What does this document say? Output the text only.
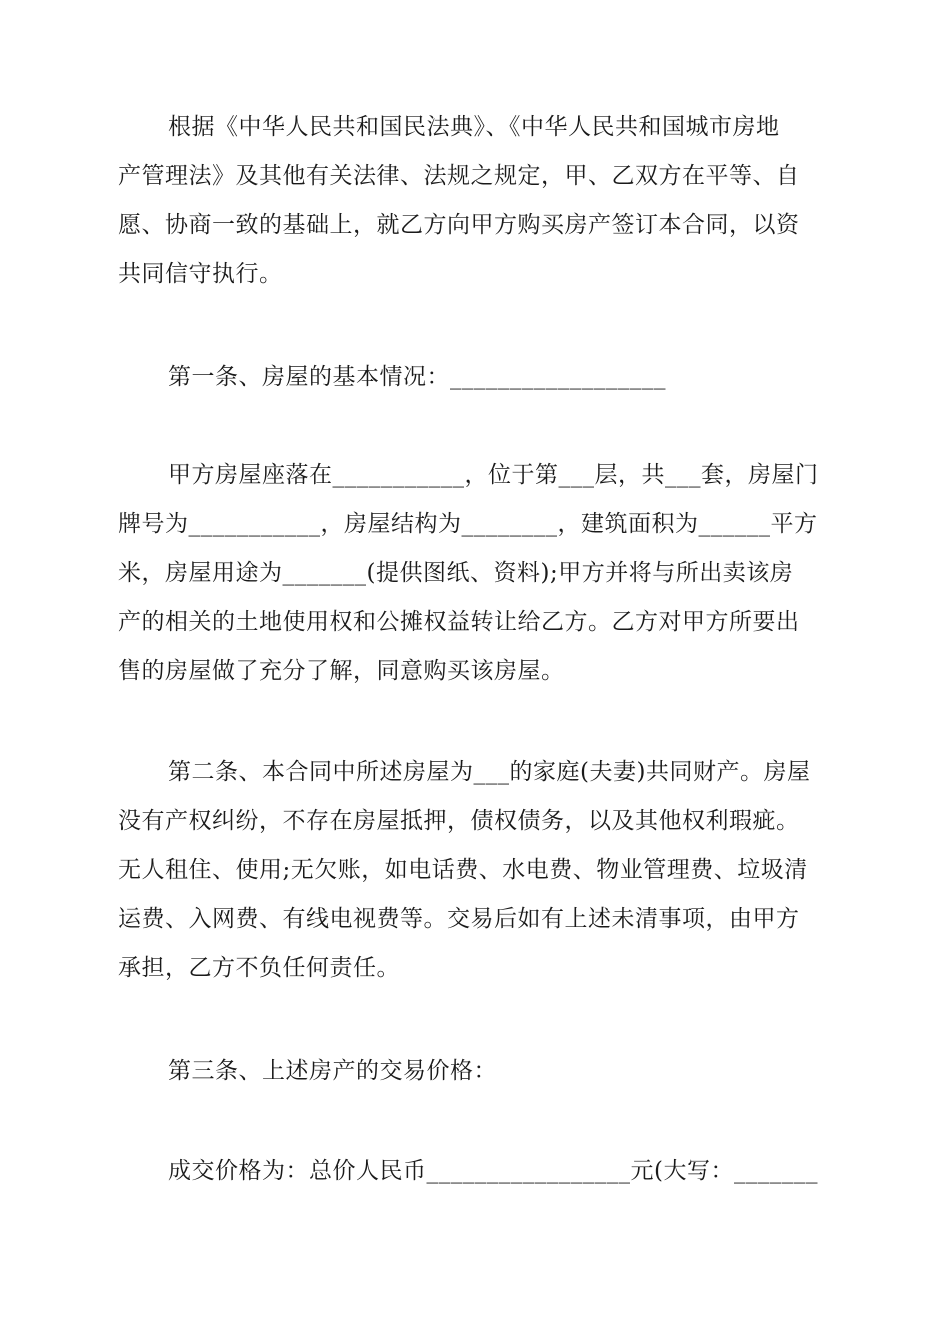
根据《中华人民共和国民法典》、《中华人民共和国城市房地
产管理法》及其他有关法律、法规之规定，甲、乙双方在平等、自
愿、协商一致的基础上，就乙方向甲方购买房产签订本合同，以资
共同信守执行。
第一条、房屋的基本情况：__________________
甲方房屋座落在___________，位于第___层，共___套，房屋门
牌号为___________，房屋结构为________，建筑面积为______平方
米，房屋用途为_______(提供图纸、资料);甲方并将与所出卖该房
产的相关的土地使用权和公摊权益转让给乙方。乙方对甲方所要出
售的房屋做了充分了解，同意购买该房屋。
第二条、本合同中所述房屋为___的家庭(夫妻)共同财产。房屋
没有产权纠纷，不存在房屋抵押，债权债务，以及其他权利瑕疵。
无人租住、使用;无欠账，如电话费、水电费、物业管理费、垃圾清
运费、入网费、有线电视费等。交易后如有上述未清事项，由甲方
承担，乙方不负任何责任。
第三条、上述房产的交易价格：
成交价格为：总价人民币_________________元(大写：_______
